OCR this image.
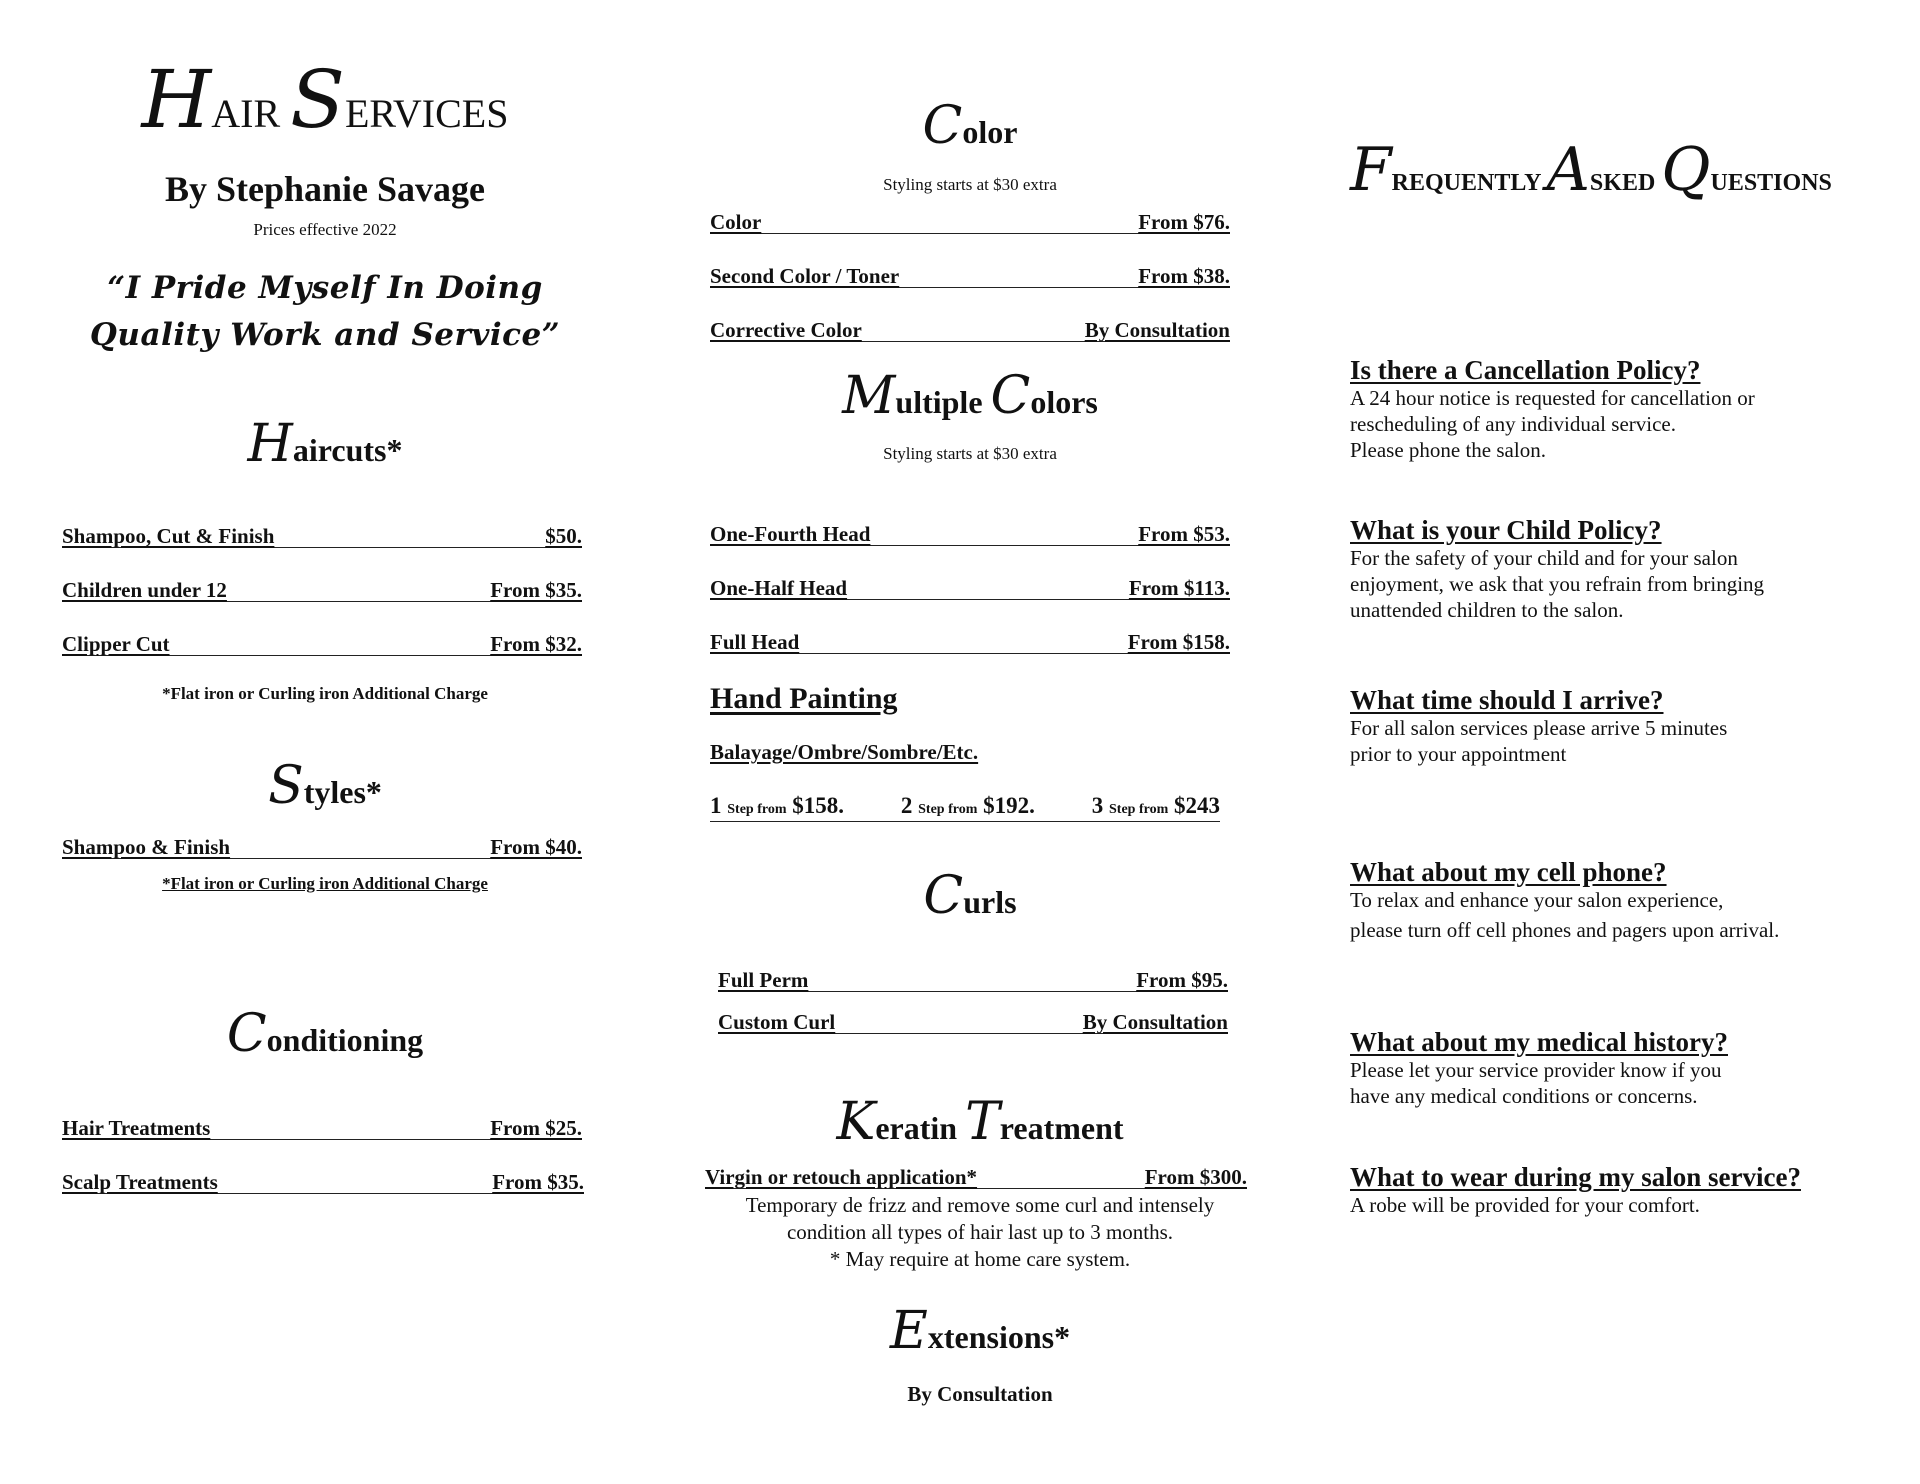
HAIR SERVICES
By Stephanie Savage
Prices effective 2022
“I Pride Myself In Doing
Quality Work and Service”
Haircuts*
Shampoo, Cut & Finish	$50.
Children under 12	From $35.
Clipper Cut	From $32.
*Flat iron or Curling iron Additional Charge
Styles*
Shampoo & Finish	From $40.
*Flat iron or Curling iron Additional Charge
Conditioning
Hair Treatments	From $25.
Scalp Treatments	From $35.
Color
Styling starts at $30 extra
Color	From $76.
Second Color / Toner	From $38.
Corrective Color	By Consultation
Multiple Colors
Styling starts at $30 extra
One-Fourth Head	From $53.
One-Half Head	From $113.
Full Head	From $158.
Hand Painting
Balayage/Ombre/Sombre/Etc.
1 Step from $158. 2 Step from $192. 3 Step from $243
Curls
Full Perm	From $95.
Custom Curl	By Consultation
Keratin Treatment
Virgin or retouch application*	From $300.
Temporary de frizz and remove some curl and intensely
condition all types of hair last up to 3 months.
* May require at home care system.
Extensions*
By Consultation
FREQUENTLY ASKED QUESTIONS
Is there a Cancellation Policy?
A 24 hour notice is requested for cancellation or
rescheduling of any individual service.
Please phone the salon.
What is your Child Policy?
For the safety of your child and for your salon
enjoyment, we ask that you refrain from bringing
unattended children to the salon.
What time should I arrive?
For all salon services please arrive 5 minutes
prior to your appointment
What about my cell phone?
To relax and enhance your salon experience,
please turn off cell phones and pagers upon arrival.
What about my medical history?
Please let your service provider know if you
have any medical conditions or concerns.
What to wear during my salon service?
A robe will be provided for your comfort.
